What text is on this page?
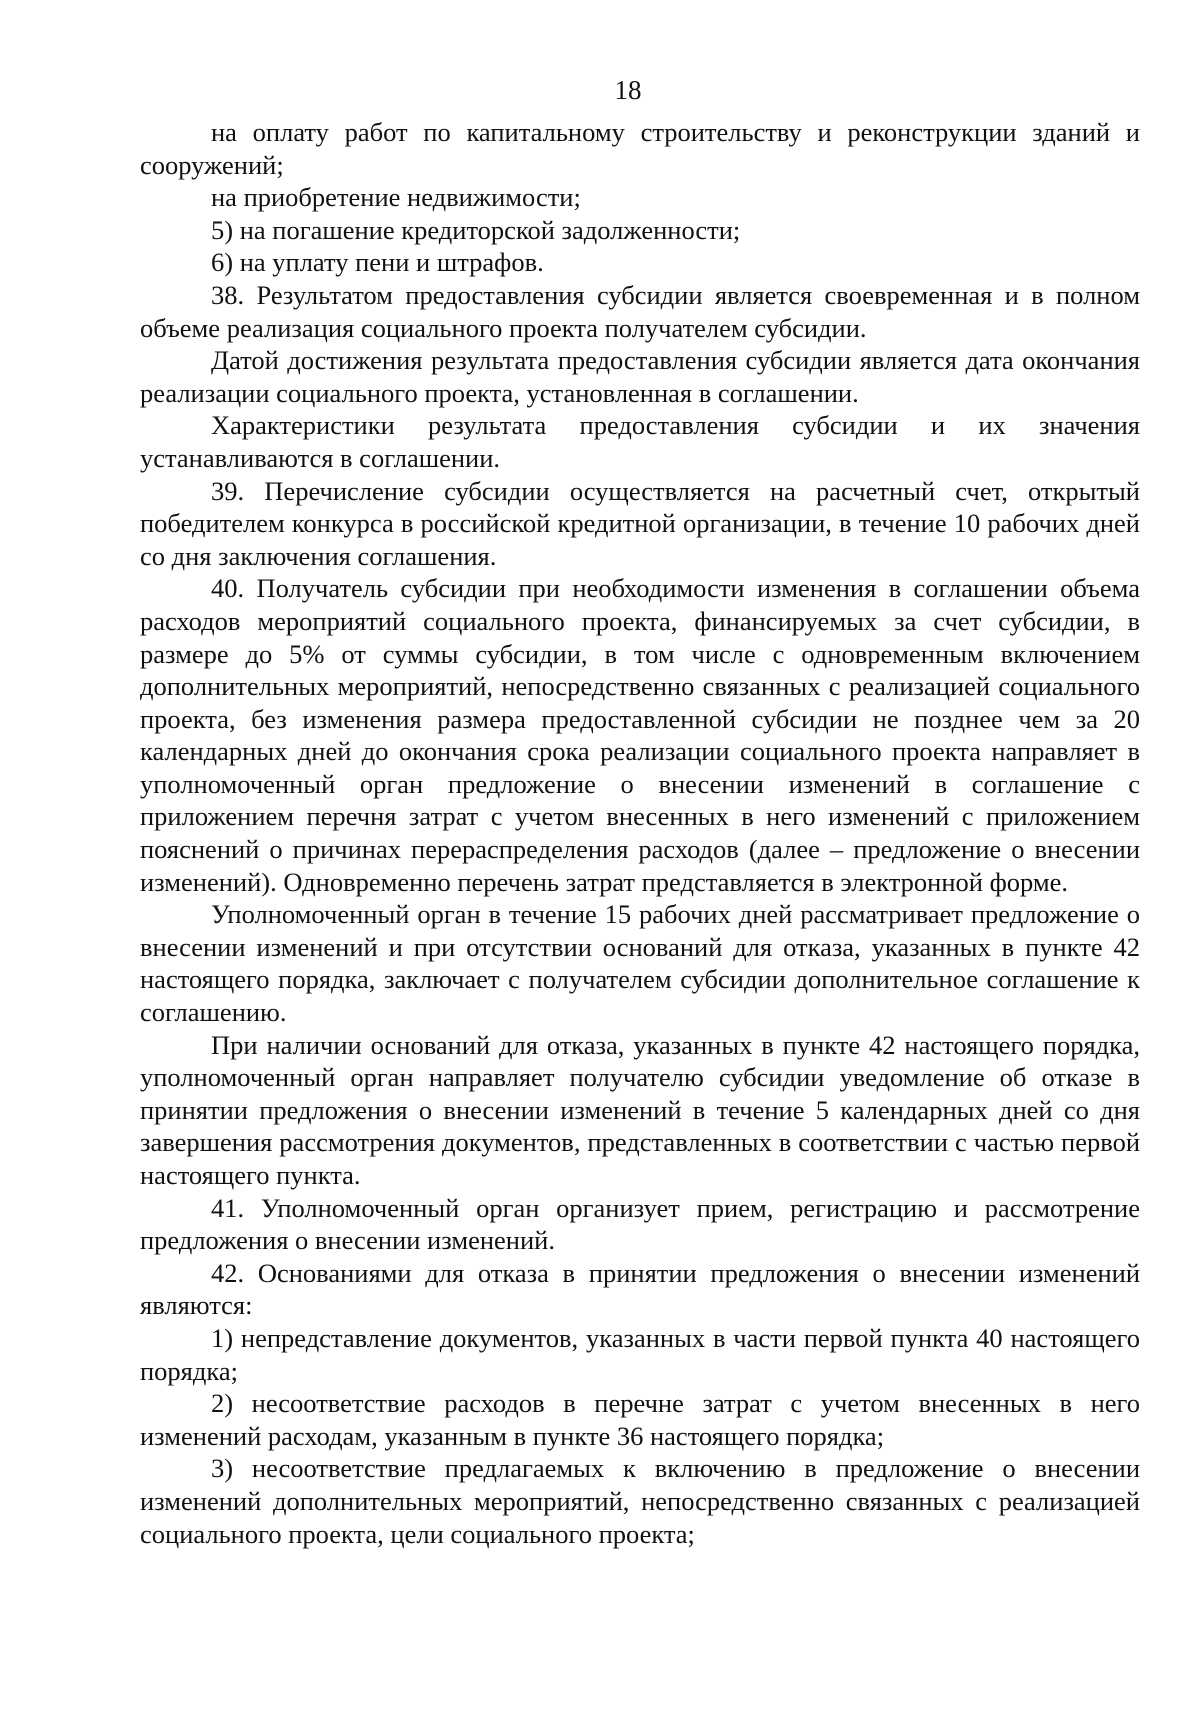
18

на оплату работ по капитальному строительству и реконструкции зданий и сооружений;

на приобретение недвижимости;

5) на погашение кредиторской задолженности;

6) на уплату пени и штрафов.

38. Результатом предоставления субсидии является своевременная и в полном объеме реализация социального проекта получателем субсидии.

Датой достижения результата предоставления субсидии является дата окончания реализации социального проекта, установленная в соглашении.

Характеристики результата предоставления субсидии и их значения устанавливаются в соглашении.

39. Перечисление субсидии осуществляется на расчетный счет, открытый победителем конкурса в российской кредитной организации, в течение 10 рабочих дней со дня заключения соглашения.

40. Получатель субсидии при необходимости изменения в соглашении объема расходов мероприятий социального проекта, финансируемых за счет субсидии, в размере до 5% от суммы субсидии, в том числе с одновременным включением дополнительных мероприятий, непосредственно связанных с реализацией социального проекта, без изменения размера предоставленной субсидии не позднее чем за 20 календарных дней до окончания срока реализации социального проекта направляет в уполномоченный орган предложение о внесении изменений в соглашение с приложением перечня затрат с учетом внесенных в него изменений с приложением пояснений о причинах перераспределения расходов (далее – предложение о внесении изменений). Одновременно перечень затрат представляется в электронной форме.

Уполномоченный орган в течение 15 рабочих дней рассматривает предложение о внесении изменений и при отсутствии оснований для отказа, указанных в пункте 42 настоящего порядка, заключает с получателем субсидии дополнительное соглашение к соглашению.

При наличии оснований для отказа, указанных в пункте 42 настоящего порядка, уполномоченный орган направляет получателю субсидии уведомление об отказе в принятии предложения о внесении изменений в течение 5 календарных дней со дня завершения рассмотрения документов, представленных в соответствии с частью первой настоящего пункта.

41. Уполномоченный орган организует прием, регистрацию и рассмотрение предложения о внесении изменений.

42. Основаниями для отказа в принятии предложения о внесении изменений являются:

1) непредставление документов, указанных в части первой пункта 40 настоящего порядка;

2) несоответствие расходов в перечне затрат с учетом внесенных в него изменений расходам, указанным в пункте 36 настоящего порядка;

3) несоответствие предлагаемых к включению в предложение о внесении изменений дополнительных мероприятий, непосредственно связанных с реализацией социального проекта, цели социального проекта;
